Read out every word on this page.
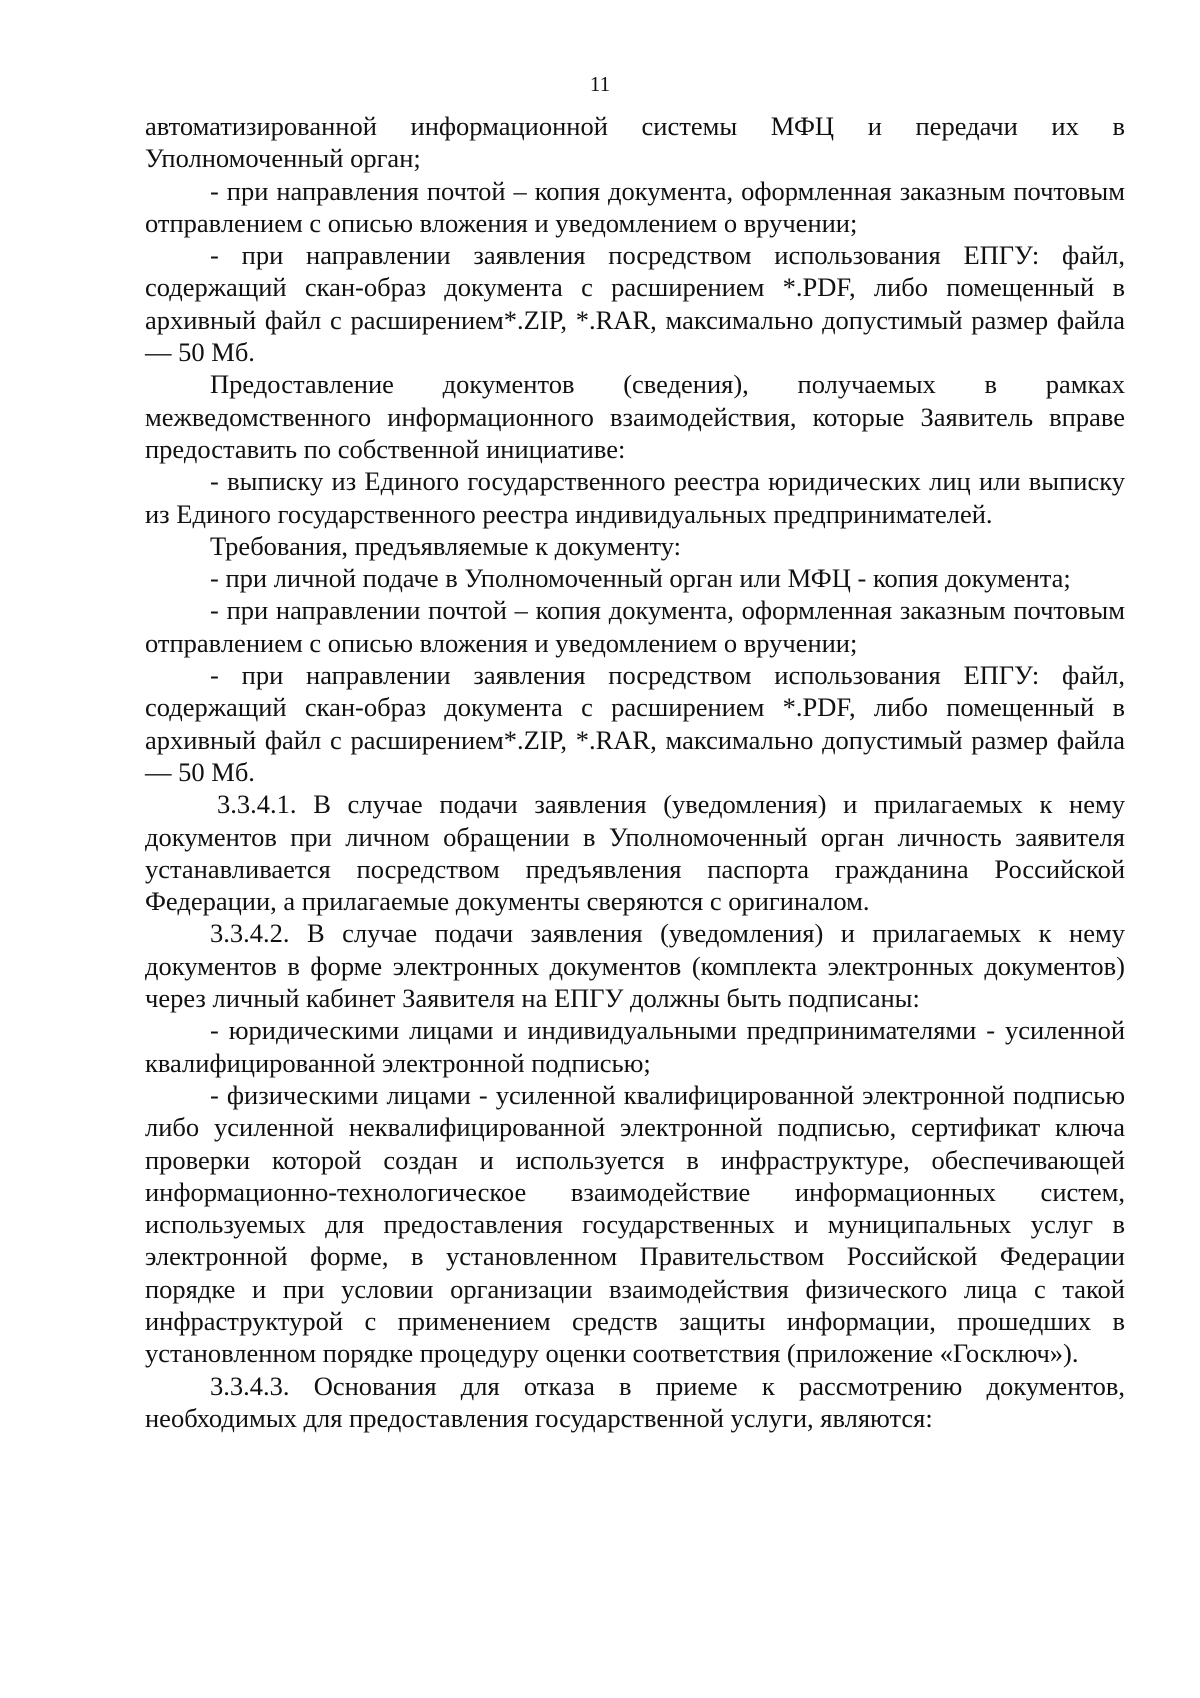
11

автоматизированной информационной системы МФЦ и передачи их в Уполномоченный орган;

- при направления почтой – копия документа, оформленная заказным почтовым отправлением с описью вложения и уведомлением о вручении;

- при направлении заявления посредством использования ЕПГУ: файл, содержащий скан-образ документа с расширением *.PDF, либо помещенный в архивный файл с расширением*.ZIP, *.RAR, максимально допустимый размер файла — 50 Мб.

Предоставление документов (сведения), получаемых в рамках межведомственного информационного взаимодействия, которые Заявитель вправе предоставить по собственной инициативе:

- выписку из Единого государственного реестра юридических лиц или выписку из Единого государственного реестра индивидуальных предпринимателей.

Требования, предъявляемые к документу:

- при личной подаче в Уполномоченный орган или МФЦ - копия документа;

- при направлении почтой – копия документа, оформленная заказным почтовым отправлением с описью вложения и уведомлением о вручении;

- при направлении заявления посредством использования ЕПГУ: файл, содержащий скан-образ документа с расширением *.PDF, либо помещенный в архивный файл с расширением*.ZIP, *.RAR, максимально допустимый размер файла — 50 Мб.

3.3.4.1. В случае подачи заявления (уведомления) и прилагаемых к нему документов при личном обращении в Уполномоченный орган личность заявителя устанавливается посредством предъявления паспорта гражданина Российской Федерации, а прилагаемые документы сверяются с оригиналом.

3.3.4.2. В случае подачи заявления (уведомления) и прилагаемых к нему документов в форме электронных документов (комплекта электронных документов) через личный кабинет Заявителя на ЕПГУ должны быть подписаны:

- юридическими лицами и индивидуальными предпринимателями - усиленной квалифицированной электронной подписью;

- физическими лицами - усиленной квалифицированной электронной подписью либо усиленной неквалифицированной электронной подписью, сертификат ключа проверки которой создан и используется в инфраструктуре, обеспечивающей информационно-технологическое взаимодействие информационных систем, используемых для предоставления государственных и муниципальных услуг в электронной форме, в установленном Правительством Российской Федерации порядке и при условии организации взаимодействия физического лица с такой инфраструктурой с применением средств защиты информации, прошедших в установленном порядке процедуру оценки соответствия (приложение «Госключ»).

3.3.4.3. Основания для отказа в приеме к рассмотрению документов, необходимых для предоставления государственной услуги, являются:
